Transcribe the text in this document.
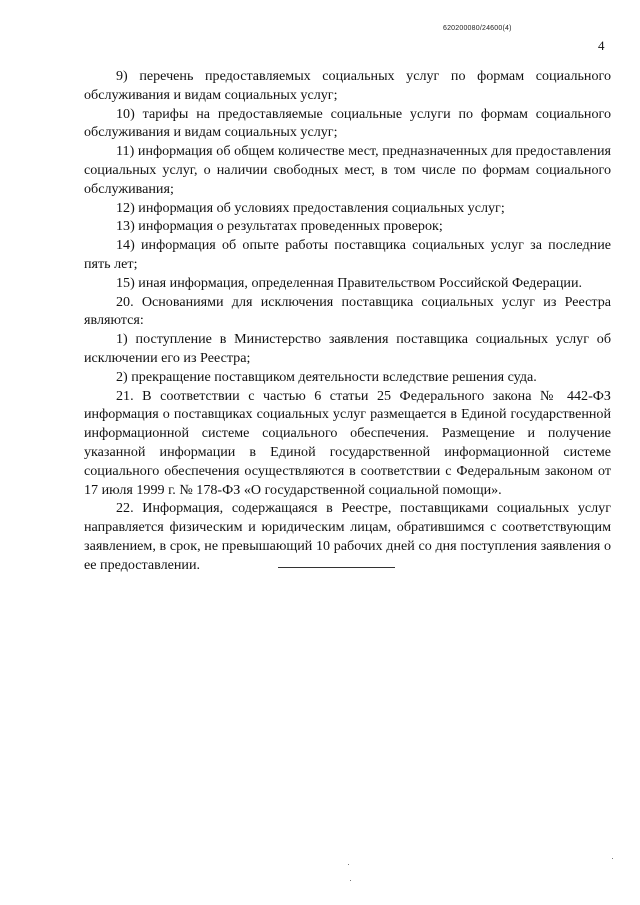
620200080/24600(4)
4

9) перечень предоставляемых социальных услуг по формам социального обслуживания и видам социальных услуг;

10) тарифы на предоставляемые социальные услуги по формам социального обслуживания и видам социальных услуг;

11) информация об общем количестве мест, предназначенных для предоставления социальных услуг, о наличии свободных мест, в том числе по формам социального обслуживания;

12) информация об условиях предоставления социальных услуг;

13) информация о результатах проведенных проверок;

14) информация об опыте работы поставщика социальных услуг за последние пять лет;

15) иная информация, определенная Правительством Российской Федерации.

20. Основаниями для исключения поставщика социальных услуг из Реестра являются:

1) поступление в Министерство заявления поставщика социальных услуг об исключении его из Реестра;

2) прекращение поставщиком деятельности вследствие решения суда.

21. В соответствии с частью 6 статьи 25 Федерального закона № 442-ФЗ информация о поставщиках социальных услуг размещается в Единой государственной информационной системе социального обеспечения. Размещение и получение указанной информации в Единой государственной информационной системе социального обеспечения осуществляются в соответствии с Федеральным законом от 17 июля 1999 г. № 178-ФЗ «О государственной социальной помощи».

22. Информация, содержащаяся в Реестре, поставщиками социальных услуг направляется физическим и юридическим лицам, обратившимся с соответствующим заявлением, в срок, не превышающий 10 рабочих дней со дня поступления заявления о ее предоставлении.
